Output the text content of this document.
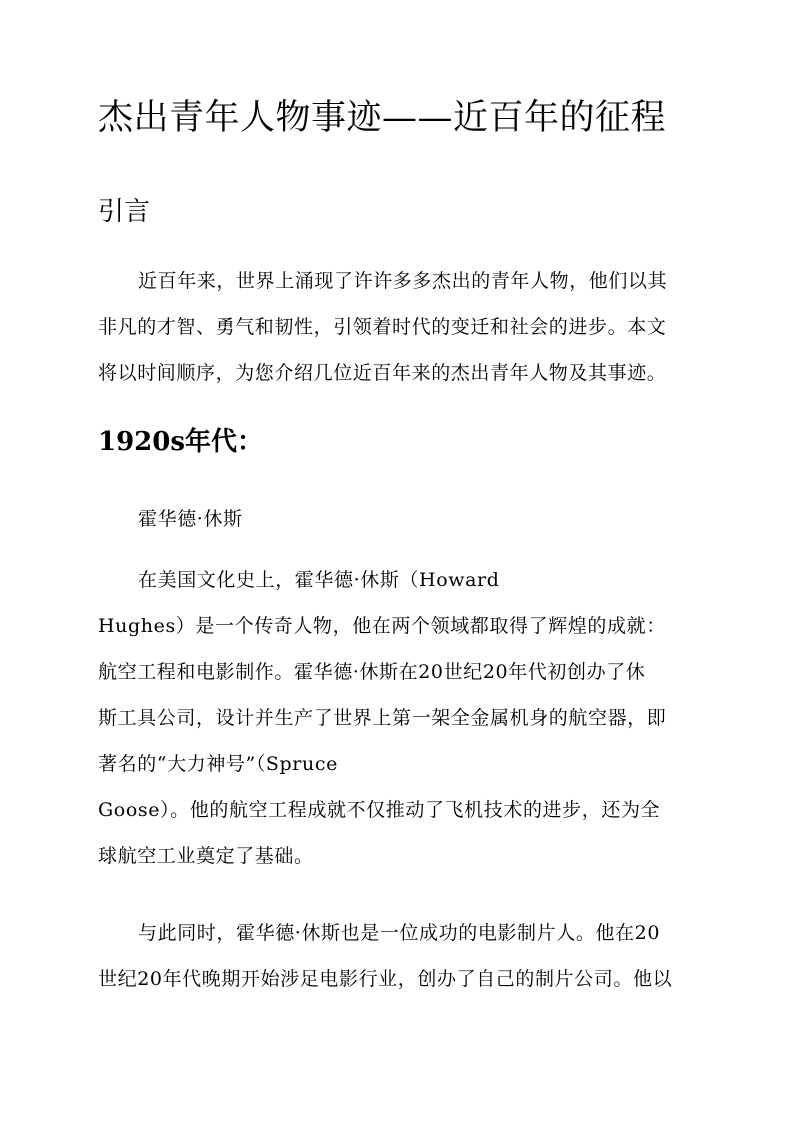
杰出青年人物事迹——近百年的征程
引言

近百年来，世界上涌现了许许多多杰出的青年人物，他们以其
非凡的才智、勇气和韧性，引领着时代的变迁和社会的进步。本文
将以时间顺序，为您介绍几位近百年来的杰出青年人物及其事迹。

1920s年代：

霍华德·休斯

在美国文化史上，霍华德·休斯（Howard
Hughes）是一个传奇人物，他在两个领域都取得了辉煌的成就：
航空工程和电影制作。霍华德·休斯在20世纪20年代初创办了休
斯工具公司，设计并生产了世界上第一架全金属机身的航空器，即
著名的“大力神号”（Spruce
Goose）。他的航空工程成就不仅推动了飞机技术的进步，还为全
球航空工业奠定了基础。

与此同时，霍华德·休斯也是一位成功的电影制片人。他在20
世纪20年代晚期开始涉足电影行业，创办了自己的制片公司。他以
